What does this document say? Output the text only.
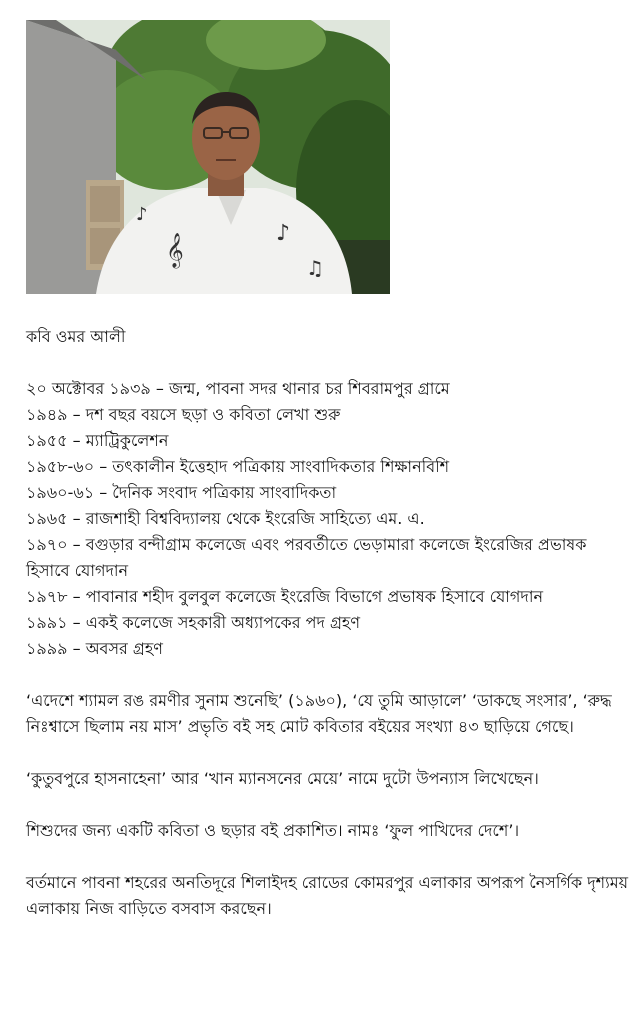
𝄞	♪
♫
♪

কবি ওমর আলী

২০ অক্টোবর ১৯৩৯ – জন্ম, পাবনা সদর থানার চর শিবরামপুর গ্রামে
১৯৪৯ – দশ বছর বয়সে ছড়া ও কবিতা লেখা শুরু
১৯৫৫ – ম্যাট্রিকুলেশন
১৯৫৮-৬০ – তৎকালীন ইত্তেহাদ পত্রিকায় সাংবাদিকতার শিক্ষানবিশি
১৯৬০-৬১ – দৈনিক সংবাদ পত্রিকায় সাংবাদিকতা
১৯৬৫ – রাজশাহী বিশ্ববিদ্যালয় থেকে ইংরেজি সাহিত্যে এম. এ.
১৯৭০ – বগুড়ার বন্দীগ্রাম কলেজে এবং পরবর্তীতে ভেড়ামারা কলেজে ইংরেজির প্রভাষক হিসাবে যোগদান
১৯৭৮ – পাবানার শহীদ বুলবুল কলেজে ইংরেজি বিভাগে প্রভাষক হিসাবে যোগদান
১৯৯১ – একই কলেজে সহকারী অধ্যাপকের পদ গ্রহণ
১৯৯৯ – অবসর গ্রহণ

‘এদেশে শ্যামল রঙ রমণীর সুনাম শুনেছি’ (১৯৬০), ‘যে তুমি আড়ালে’ ‘ডাকছে সংসার’, ‘রুদ্ধ নিঃশ্বাসে ছিলাম নয় মাস’ প্রভৃতি বই সহ মোট কবিতার বইয়ের সংখ্যা ৪৩ ছাড়িয়ে গেছে।

‘কুতুবপুরে হাসনাহেনা’ আর ‘খান ম্যানসনের মেয়ে’ নামে দুটো উপন্যাস লিখেছেন।

শিশুদের জন্য একটি কবিতা ও ছড়ার বই প্রকাশিত। নামঃ ‘ফুল পাখিদের দেশে’।

বর্তমানে পাবনা শহরের অনতিদূরে শিলাইদহ রোডের কোমরপুর এলাকার অপরূপ নৈসর্গিক দৃশ্যময় এলাকায় নিজ বাড়িতে বসবাস করছেন।
